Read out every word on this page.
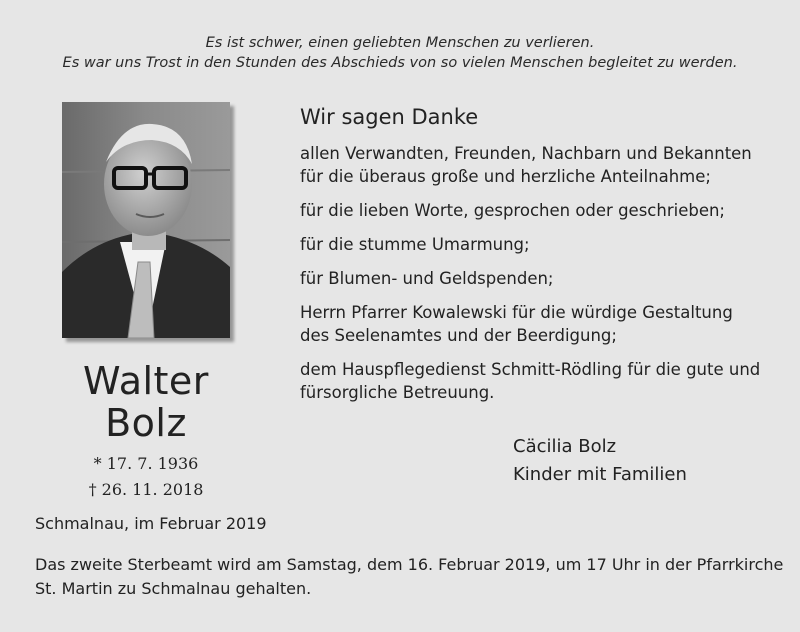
Es ist schwer, einen geliebten Menschen zu verlieren.
Es war uns Trost in den Stunden des Abschieds von so vielen Menschen begleitet zu werden.
Walter
Bolz
* 17. 7. 1936
† 26. 11. 2018
Wir sagen Danke
allen Verwandten, Freunden, Nachbarn und Bekannten
für die überaus große und herzliche Anteilnahme;
für die lieben Worte, gesprochen oder geschrieben;
für die stumme Umarmung;
für Blumen- und Geldspenden;
Herrn Pfarrer Kowalewski für die würdige Gestaltung
des Seelenamtes und der Beerdigung;
dem Hauspflegedienst Schmitt-Rödling für die gute und
fürsorgliche Betreuung.
Cäcilia Bolz
Kinder mit Familien
Schmalnau, im Februar 2019
Das zweite Sterbeamt wird am Samstag, dem 16. Februar 2019, um 17 Uhr in der Pfarrkirche
St. Martin zu Schmalnau gehalten.
